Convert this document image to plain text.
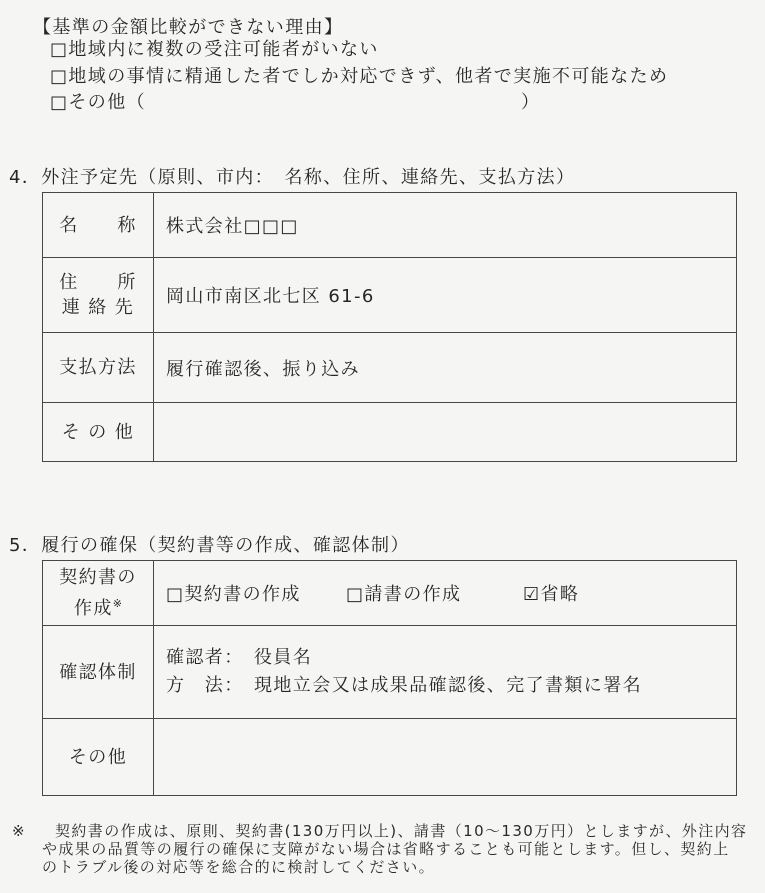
【基準の金額比較ができない理由】
□地域内に複数の受注可能者がいない
□地域の事情に精通した者でしか対応できず、他者で実施不可能なため
□その他（	）
4．外注予定先（原則、市内：　名称、住所、連絡先、支払方法）
名　　称	株式会社□□□

住　　所
連 絡 先	岡山市南区北七区 61-6

支払方法	履行確認後、振り込み

そ の 他	

5．履行の確保（契約書等の作成、確認体制）
契約書の
作成※	□契約書の作成 □請書の作成 ☑省略

確認体制	確認者：　役員名
方　法：　現地立会又は成果品確認後、完了書類に署名

その他	

※ 契約書の作成は、原則、契約書(130万円以上)、請書（10～130万円）としますが、外注内容
や成果の品質等の履行の確保に支障がない場合は省略することも可能とします。但し、契約上
のトラブル後の対応等を総合的に検討してください。
